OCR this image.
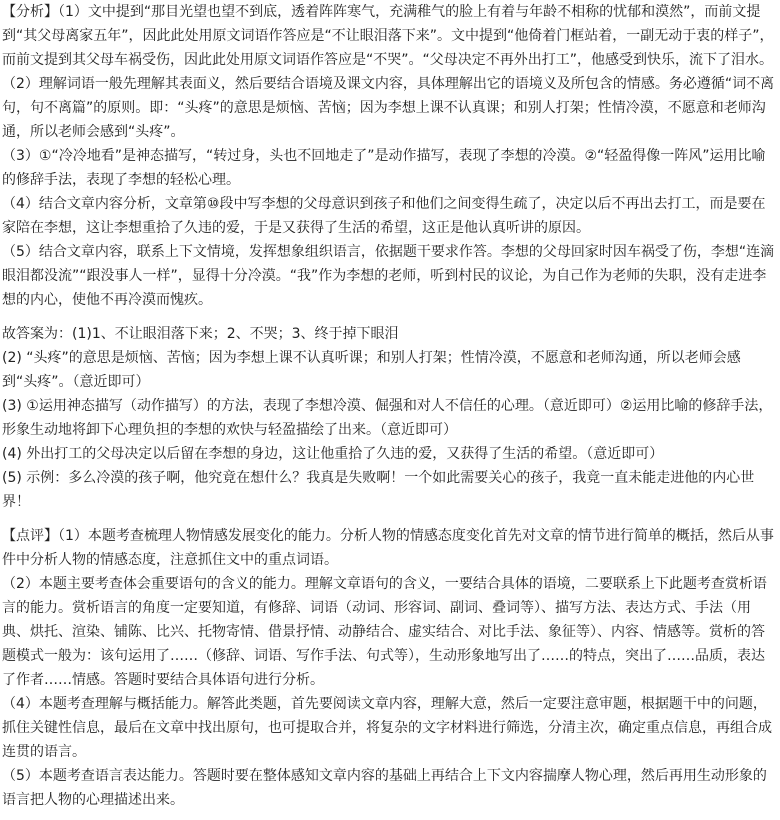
【分析】（1）文中提到“那目光望也望不到底，透着阵阵寒气，充满稚气的脸上有着与年龄不相称的忧郁和漠然”，而前文提到“其父母离家五年”，因此此处用原文词语作答应是“不让眼泪落下来”。文中提到“他倚着门框站着，一副无动于衷的样子”，而前文提到其父母车祸受伤，因此此处用原文词语作答应是“不哭”。“父母决定不再外出打工”，他感受到快乐，流下了泪水。

（2）理解词语一般先理解其表面义，然后要结合语境及课文内容，具体理解出它的语境义及所包含的情感。务必遵循“词不离句，句不离篇”的原则。即：“头疼”的意思是烦恼、苦恼；因为李想上课不认真课；和别人打架；性情冷漠，不愿意和老师沟通，所以老师会感到“头疼”。

（3）①“冷冷地看”是神态描写，“转过身，头也不回地走了”是动作描写，表现了李想的冷漠。②“轻盈得像一阵风”运用比喻的修辞手法，表现了李想的轻松心理。

（4）结合文章内容分析，文章第⑩段中写李想的父母意识到孩子和他们之间变得生疏了，决定以后不再出去打工，而是要在家陪在李想，这让李想重拾了久违的爱，于是又获得了生活的希望，这正是他认真听讲的原因。

（5）结合文章内容，联系上下文情境，发挥想象组织语言，依据题干要求作答。李想的父母回家时因车祸受了伤，李想“连滴眼泪都没流”“跟没事人一样”，显得十分冷漠。“我”作为李想的老师，听到村民的议论，为自己作为老师的失职，没有走进李想的内心，使他不再冷漠而愧疚。

故答案为：(1)1、不让眼泪落下来；2、不哭；3、终于掉下眼泪

(2) “头疼”的意思是烦恼、苦恼；因为李想上课不认真听课；和别人打架；性情冷漠，不愿意和老师沟通，所以老师会感到“头疼”。（意近即可）

(3) ①运用神态描写（动作描写）的方法，表现了李想冷漠、倔强和对人不信任的心理。（意近即可）②运用比喻的修辞手法，形象生动地将卸下心理负担的李想的欢快与轻盈描绘了出来。（意近即可）

(4) 外出打工的父母决定以后留在李想的身边，这让他重拾了久违的爱，又获得了生活的希望。（意近即可）

(5) 示例：多么冷漠的孩子啊，他究竟在想什么？我真是失败啊！一个如此需要关心的孩子，我竟一直未能走进他的内心世界！

【点评】（1）本题考查梳理人物情感发展变化的能力。分析人物的情感态度变化首先对文章的情节进行简单的概括，然后从事件中分析人物的情感态度，注意抓住文中的重点词语。

（2）本题主要考查体会重要语句的含义的能力。理解文章语句的含义，一要结合具体的语境，二要联系上下此题考查赏析语言的能力。赏析语言的角度一定要知道，有修辞、词语（动词、形容词、副词、叠词等）、描写方法、表达方式、手法（用典、烘托、渲染、铺陈、比兴、托物寄情、借景抒情、动静结合、虚实结合、对比手法、象征等）、内容、情感等。赏析的答题模式一般为：该句运用了……（修辞、词语、写作手法、句式等），生动形象地写出了……的特点，突出了……品质，表达了作者……情感。答题时要结合具体语句进行分析。

（4）本题考查理解与概括能力。解答此类题，首先要阅读文章内容，理解大意，然后一定要注意审题，根据题干中的问题，抓住关键性信息，最后在文章中找出原句，也可提取合并，将复杂的文字材料进行筛选，分清主次，确定重点信息，再组合成连贯的语言。

（5）本题考查语言表达能力。答题时要在整体感知文章内容的基础上再结合上下文内容揣摩人物心理，然后再用生动形象的语言把人物的心理描述出来。
